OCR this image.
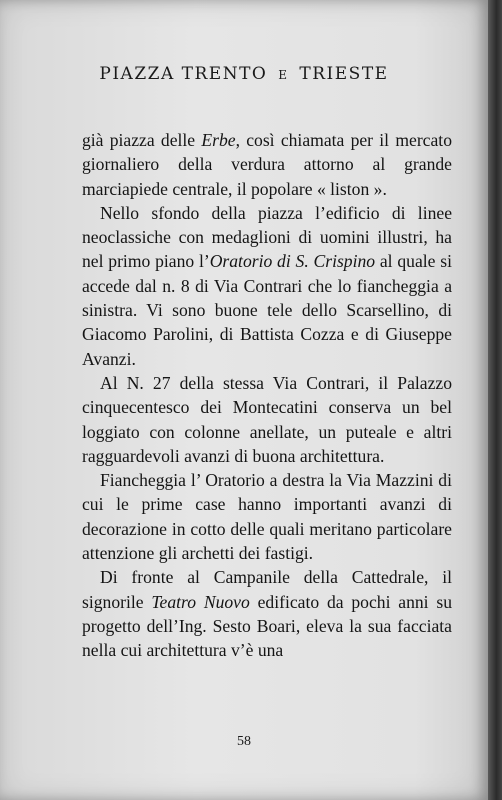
PIAZZA TRENTO E TRIESTE

già piazza delle Erbe, così chiamata per il mercato giornaliero della verdura attorno al grande marciapiede centrale, il popolare « liston ».

Nello sfondo della piazza l’edificio di linee neoclassiche con medaglioni di uomini illustri, ha nel primo piano l’Oratorio di S. Crispino al quale si accede dal n. 8 di Via Contrari che lo fiancheggia a sinistra. Vi sono buone tele dello Scarsellino, di Giacomo Parolini, di Battista Cozza e di Giuseppe Avanzi.

Al N. 27 della stessa Via Contrari, il Palazzo cinquecentesco dei Montecatini conserva un bel loggiato con colonne anellate, un puteale e altri ragguardevoli avanzi di buona architettura.

Fiancheggia l’ Oratorio a destra la Via Mazzini di cui le prime case hanno importanti avanzi di decorazione in cotto delle quali meritano particolare attenzione gli archetti dei fastigi.

Di fronte al Campanile della Cattedrale, il signorile Teatro Nuovo edificato da pochi anni su progetto dell’Ing. Sesto Boari, eleva la sua facciata nella cui architettura v’è una

58
